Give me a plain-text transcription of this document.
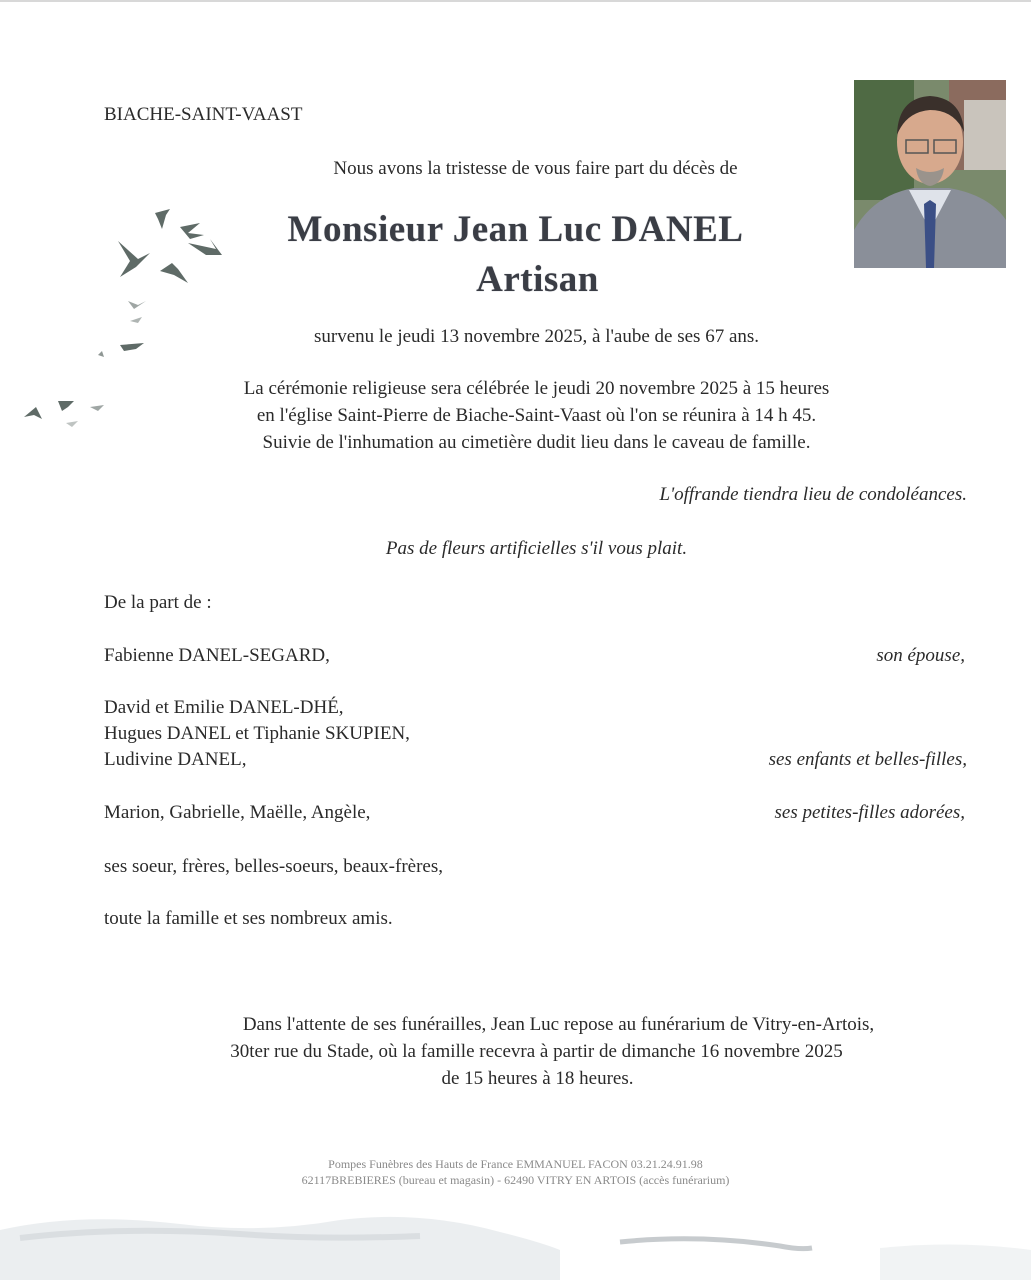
BIACHE-SAINT-VAAST
Nous avons la tristesse de vous faire part du décès de
Monsieur Jean Luc DANEL
Artisan
survenu le jeudi 13 novembre 2025, à l'aube de ses 67 ans.
La cérémonie religieuse sera célébrée le jeudi 20 novembre 2025 à 15 heures
en l'église Saint-Pierre de Biache-Saint-Vaast où l'on se réunira à 14 h 45.
Suivie de l'inhumation au cimetière dudit lieu dans le caveau de famille.
L'offrande tiendra lieu de condoléances.
Pas de fleurs artificielles s'il vous plait.
De la part de :
Fabienne DANEL-SEGARD,	son épouse,
David et Emilie DANEL-DHÉ,
Hugues DANEL et Tiphanie SKUPIEN,
Ludivine DANEL,	ses enfants et belles-filles,
Marion, Gabrielle, Maëlle, Angèle,	ses petites-filles adorées,
ses soeur, frères, belles-soeurs, beaux-frères,
toute la famille et ses nombreux amis.
Dans l'attente de ses funérailles, Jean Luc repose au funérarium de Vitry-en-Artois,
30ter rue du Stade, où la famille recevra à partir de dimanche 16 novembre 2025
de 15 heures à 18 heures.
Pompes Funèbres des Hauts de France EMMANUEL FACON 03.21.24.91.98
62117BREBIERES (bureau et magasin) - 62490 VITRY EN ARTOIS (accès funérarium)
